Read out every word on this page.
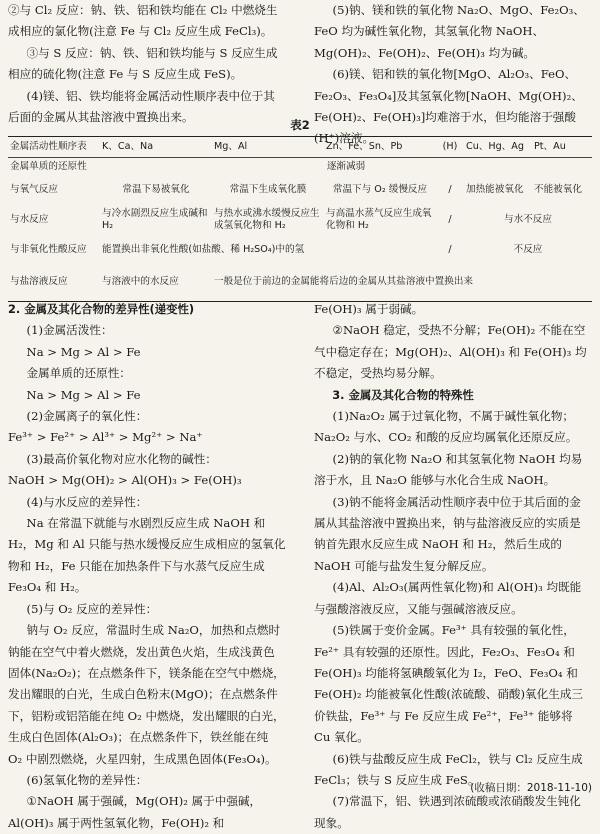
②与 Cl₂ 反应：钠、铁、铝和铁均能在 Cl₂ 中燃烧生成相应的氯化物(注意 Fe 与 Cl₂ 反应生成 FeCl₃)。

③与 S 反应：钠、铁、铝和铁均能与 S 反应生成相应的硫化物(注意 Fe 与 S 反应生成 FeS)。

(4)镁、铝、铁均能将金属活动性顺序表中位于其后面的金属从其盐溶液中置换出来。

(5)钠、镁和铁的氧化物 Na₂O、MgO、Fe₂O₃、FeO 均为碱性氧化物，其氢氧化物 NaOH、Mg(OH)₂、Fe(OH)₂、Fe(OH)₃ 均为碱。

(6)镁、铝和铁的氧化物[MgO、Al₂O₃、FeO、Fe₂O₃、Fe₃O₄]及其氢氧化物[NaOH、Mg(OH)₂、Fe(OH)₂、Fe(OH)₃]均难溶于水，但均能溶于强酸(H⁺)溶液。

表2
金属活动性顺序表	K、Ca、Na	Mg、Al	Zn、Fe、Sn、Pb	(H)	Cu、Hg、Ag	Pt、Au
金属单质的还原性	逐渐减弱					
与氧气反应	常温下易被氧化	常温下生成氧化膜	常温下与 O₂ 缓慢反应	/	加热能被氧化	不能被氧化
与水反应	与冷水剧烈反应生成碱和 H₂	与热水或沸水缓慢反应生成氢氧化物和 H₂	与高温水蒸气反应生成氧化物和 H₂	/	与水不反应	
与非氧化性酸反应	能置换出非氧化性酸(如盐酸、稀 H₂SO₄)中的氢			/	不反应	
与盐溶液反应	与溶液中的水反应	一般是位于前边的金属能将后边的金属从其盐溶液中置换出来				

2. 金属及其化合物的差异性(递变性)

(1)金属活泼性：

Na > Mg > Al > Fe

金属单质的还原性：

Na > Mg > Al > Fe

(2)金属离子的氧化性：

Fe³⁺ > Fe²⁺ > Al³⁺ > Mg²⁺ > Na⁺

(3)最高价氧化物对应水化物的碱性：

NaOH > Mg(OH)₂ > Al(OH)₃ > Fe(OH)₃

(4)与水反应的差异性：

Na 在常温下就能与水剧烈反应生成 NaOH 和 H₂，Mg 和 Al 只能与热水缓慢反应生成相应的氢氧化物和 H₂，Fe 只能在加热条件下与水蒸气反应生成 Fe₃O₄ 和 H₂。

(5)与 O₂ 反应的差异性：

钠与 O₂ 反应，常温时生成 Na₂O，加热和点燃时钠能在空气中着火燃烧，发出黄色火焰，生成浅黄色固体(Na₂O₂)；在点燃条件下，镁条能在空气中燃烧，发出耀眼的白光，生成白色粉末(MgO)；在点燃条件下，铝粉或铝箔能在纯 O₂ 中燃烧，发出耀眼的白光，生成白色固体(Al₂O₃)；在点燃条件下，铁丝能在纯 O₂ 中剧烈燃烧，火星四射，生成黑色固体(Fe₃O₄)。

(6)氢氧化物的差异性：

①NaOH 属于强碱，Mg(OH)₂ 属于中强碱，Al(OH)₃ 属于两性氢氧化物，Fe(OH)₂ 和

Fe(OH)₃ 属于弱碱。

②NaOH 稳定，受热不分解；Fe(OH)₂ 不能在空气中稳定存在；Mg(OH)₂、Al(OH)₃ 和 Fe(OH)₃ 均不稳定，受热均易分解。

3. 金属及其化合物的特殊性

(1)Na₂O₂ 属于过氧化物，不属于碱性氧化物；Na₂O₂ 与水、CO₂ 和酸的反应均属氧化还原反应。

(2)钠的氧化物 Na₂O 和其氢氧化物 NaOH 均易溶于水，且 Na₂O 能够与水化合生成 NaOH。

(3)钠不能将金属活动性顺序表中位于其后面的金属从其盐溶液中置换出来，钠与盐溶液反应的实质是钠首先跟水反应生成 NaOH 和 H₂，然后生成的 NaOH 可能与盐发生复分解反应。

(4)Al、Al₂O₃(属两性氧化物)和 Al(OH)₃ 均既能与强酸溶液反应，又能与强碱溶液反应。

(5)铁属于变价金属。Fe³⁺ 具有较强的氧化性，Fe²⁺ 具有较强的还原性。因此，Fe₂O₃、Fe₃O₄ 和 Fe(OH)₃ 均能将氢碘酸氧化为 I₂，FeO、Fe₃O₄ 和 Fe(OH)₂ 均能被氧化性酸(浓硫酸、硝酸)氧化生成三价铁盐，Fe³⁺ 与 Fe 反应生成 Fe²⁺，Fe³⁺ 能够将 Cu 氧化。

(6)铁与盐酸反应生成 FeCl₂，铁与 Cl₂ 反应生成 FeCl₃；铁与 S 反应生成 FeS。

(7)常温下，铝、铁遇到浓硫酸或浓硝酸发生钝化现象。

(收稿日期：2018-11-10)
